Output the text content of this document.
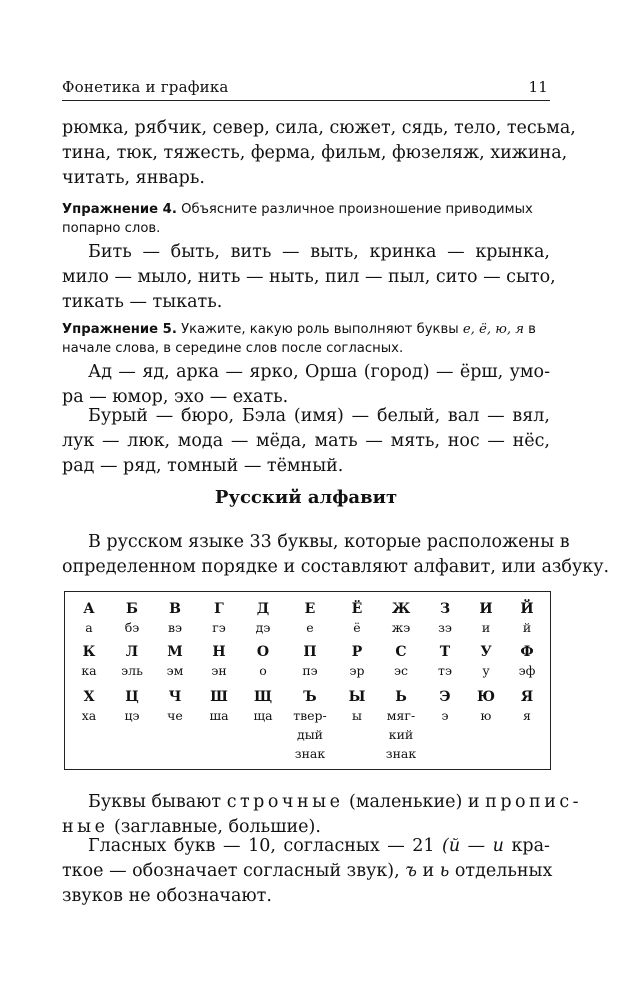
Фонетика и графика	11
рюмка, рябчик, север, сила, сюжет, сядь, тело, тесьма,
тина, тюк, тяжесть, ферма, фильм, фюзеляж, хижина,
читать, январь.
Упражнение 4. Объясните различное произношение приводимых
попарно слов.
Бить — быть, вить — выть, кринка — крынка,
мило — мыло, нить — ныть, пил — пыл, сито — сыто,
тикать — тыкать.
Упражнение 5. Укажите, какую роль выполняют буквы е, ё, ю, я в
начале слова, в середине слов после согласных.
Ад — яд, арка — ярко, Орша (город) — ёрш, умо-
ра — юмор, эхо — ехать.
Бурый — бюро, Бэла (имя) — белый, вал — вял,
лук — люк, мода — мёда, мать — мять, нос — нёс,
рад — ряд, томный — тёмный.
Русский алфавит
В русском языке 33 буквы, которые расположены в
определенном порядке и составляют алфавит, или азбуку.
А
а
Б
бэ
В
вэ
Г
гэ
Д
дэ
Е
е
Ё
ё
Ж
жэ
З
зэ
И
и
Й
й
К
ка
Л
эль
М
эм
Н
эн
О
о
П
пэ
Р
эр
С
эс
Т
тэ
У
у
Ф
эф
Х
ха
Ц
цэ
Ч
че
Ш
ша
Щ
ща
Ъ
твер-
дый
знак
Ы
ы
Ь
мяг-
кий
знак
Э
э
Ю
ю
Я
я
Буквы бывают строчные (маленькие) и пропис-
ные (заглавные, большие).
Гласных букв — 10, согласных — 21 (й — и кра-
ткое — обозначает согласный звук), ъ и ь отдельных
звуков не обозначают.
